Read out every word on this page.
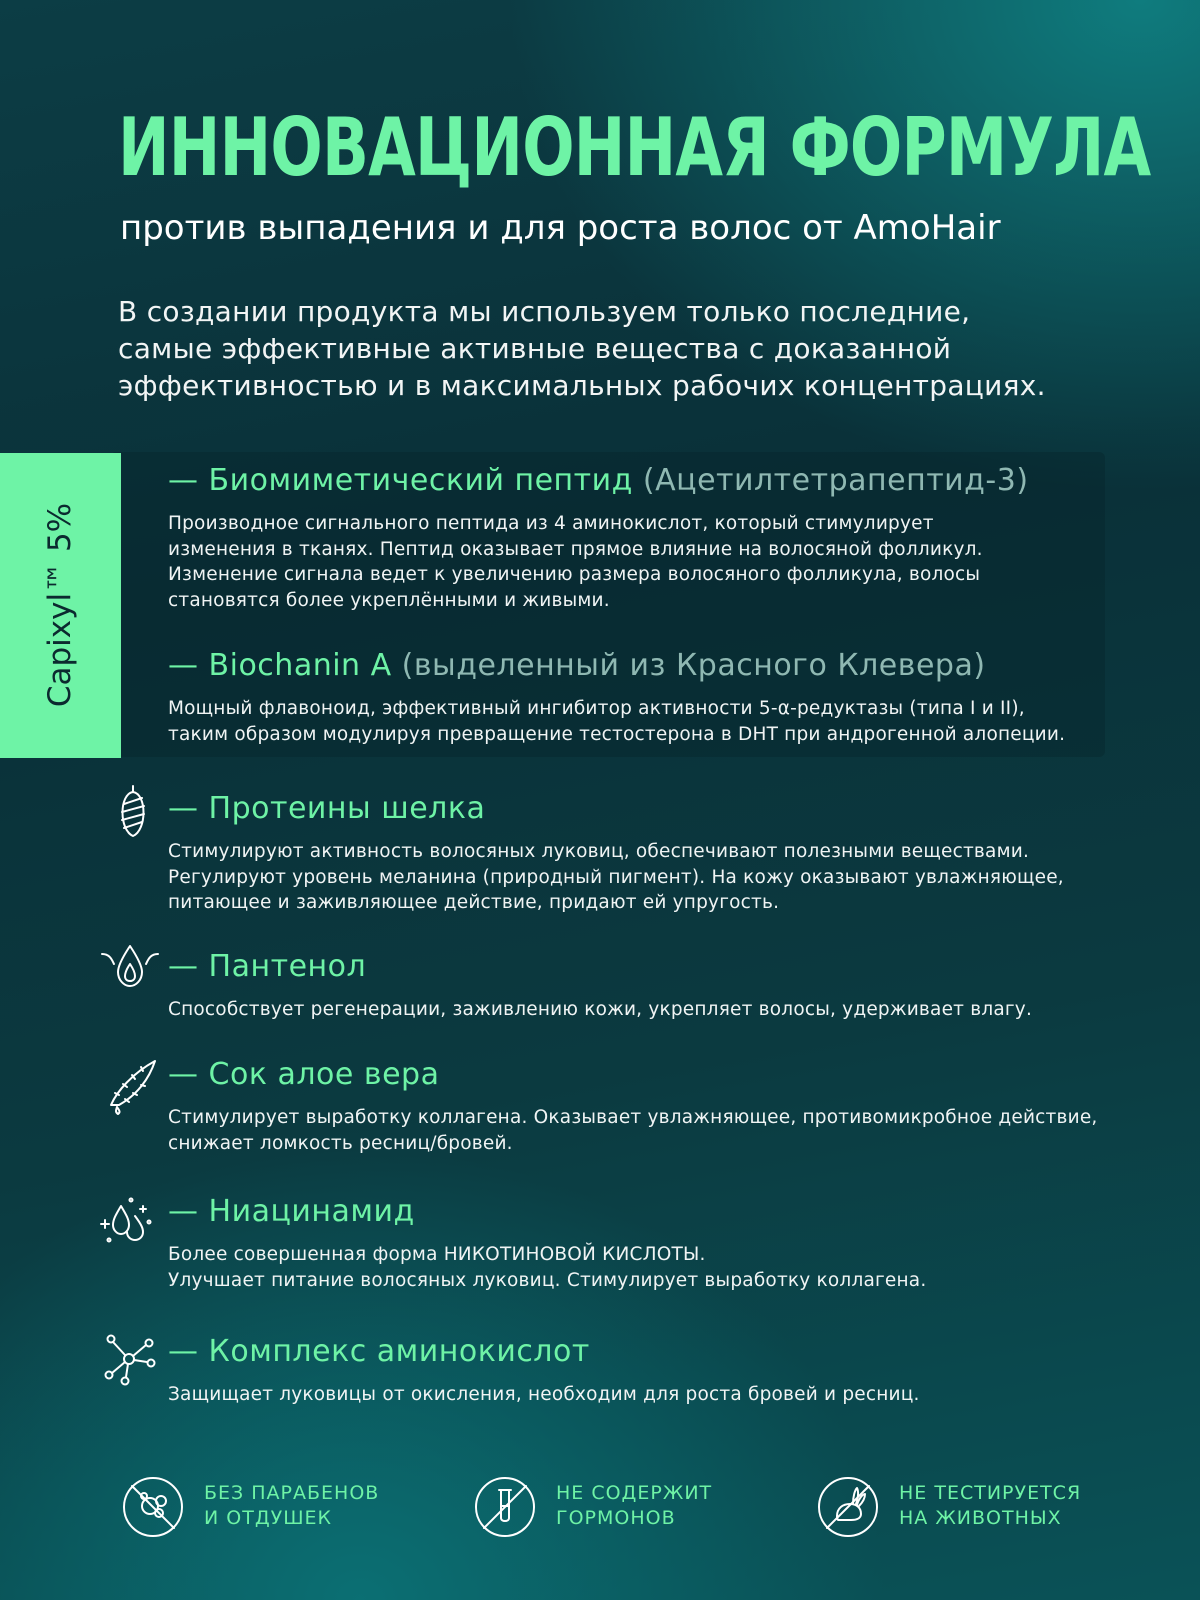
ИННОВАЦИОННАЯ ФОРМУЛА
против выпадения и для роста волос от AmoHair
В создании продукта мы используем только последние,
самые эффективные активные вещества с доказанной
эффективностью и в максимальных рабочих концентрациях.
Capixyl™ 5%
— Биомиметический пептид (Ацетилтетрапептид-3)
Производное сигнального пептида из 4 аминокислот, который стимулирует
изменения в тканях. Пептид оказывает прямое влияние на волосяной фолликул.
Изменение сигнала ведет к увеличению размера волосяного фолликула, волосы
становятся более укреплёнными и живыми.
— Biochanin A (выделенный из Красного Клевера)
Мощный флавоноид, эффективный ингибитор активности 5-α-редуктазы (типа I и II),
таким образом модулируя превращение тестостерона в DHT при андрогенной алопеции.
— Протеины шелка
Стимулируют активность волосяных луковиц, обеспечивают полезными веществами.
Регулируют уровень меланина (природный пигмент). На кожу оказывают увлажняющее,
питающее и заживляющее действие, придают ей упругость.
— Пантенол
Способствует регенерации, заживлению кожи, укрепляет волосы, удерживает влагу.
— Сок алое вера
Стимулирует выработку коллагена. Оказывает увлажняющее, противомикробное действие,
снижает ломкость ресниц/бровей.
— Ниацинамид
Более совершенная форма НИКОТИНОВОЙ КИСЛОТЫ.
Улучшает питание волосяных луковиц. Стимулирует выработку коллагена.
— Комплекс аминокислот
Защищает луковицы от окисления, необходим для роста бровей и ресниц.
БЕЗ ПАРАБЕНОВ
И ОТДУШЕК
НЕ СОДЕРЖИТ
ГОРМОНОВ
НЕ ТЕСТИРУЕТСЯ
НА ЖИВОТНЫХ
